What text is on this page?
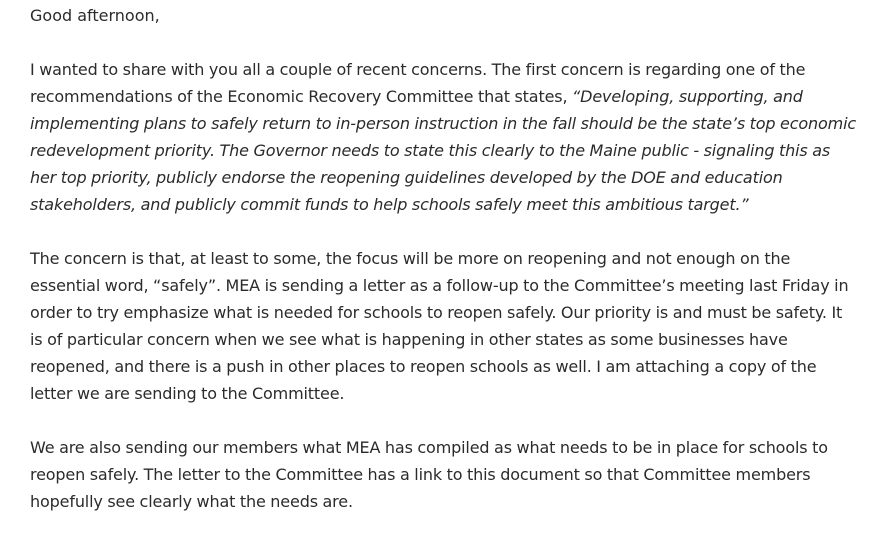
Good afternoon,

I wanted to share with you all a couple of recent concerns. The first concern is regarding one of the recommendations of the Economic Recovery Committee that states, “Developing, supporting, and implementing plans to safely return to in-person instruction in the fall should be the state’s top economic redevelopment priority. The Governor needs to state this clearly to the Maine public - signaling this as her top priority, publicly endorse the reopening guidelines developed by the DOE and education stakeholders, and publicly commit funds to help schools safely meet this ambitious target.”

The concern is that, at least to some, the focus will be more on reopening and not enough on the essential word, “safely”. MEA is sending a letter as a follow-up to the Committee’s meeting last Friday in order to try emphasize what is needed for schools to reopen safely. Our priority is and must be safety. It is of particular concern when we see what is happening in other states as some businesses have reopened, and there is a push in other places to reopen schools as well. I am attaching a copy of the letter we are sending to the Committee.

We are also sending our members what MEA has compiled as what needs to be in place for schools to reopen safely. The letter to the Committee has a link to this document so that Committee members hopefully see clearly what the needs are.
